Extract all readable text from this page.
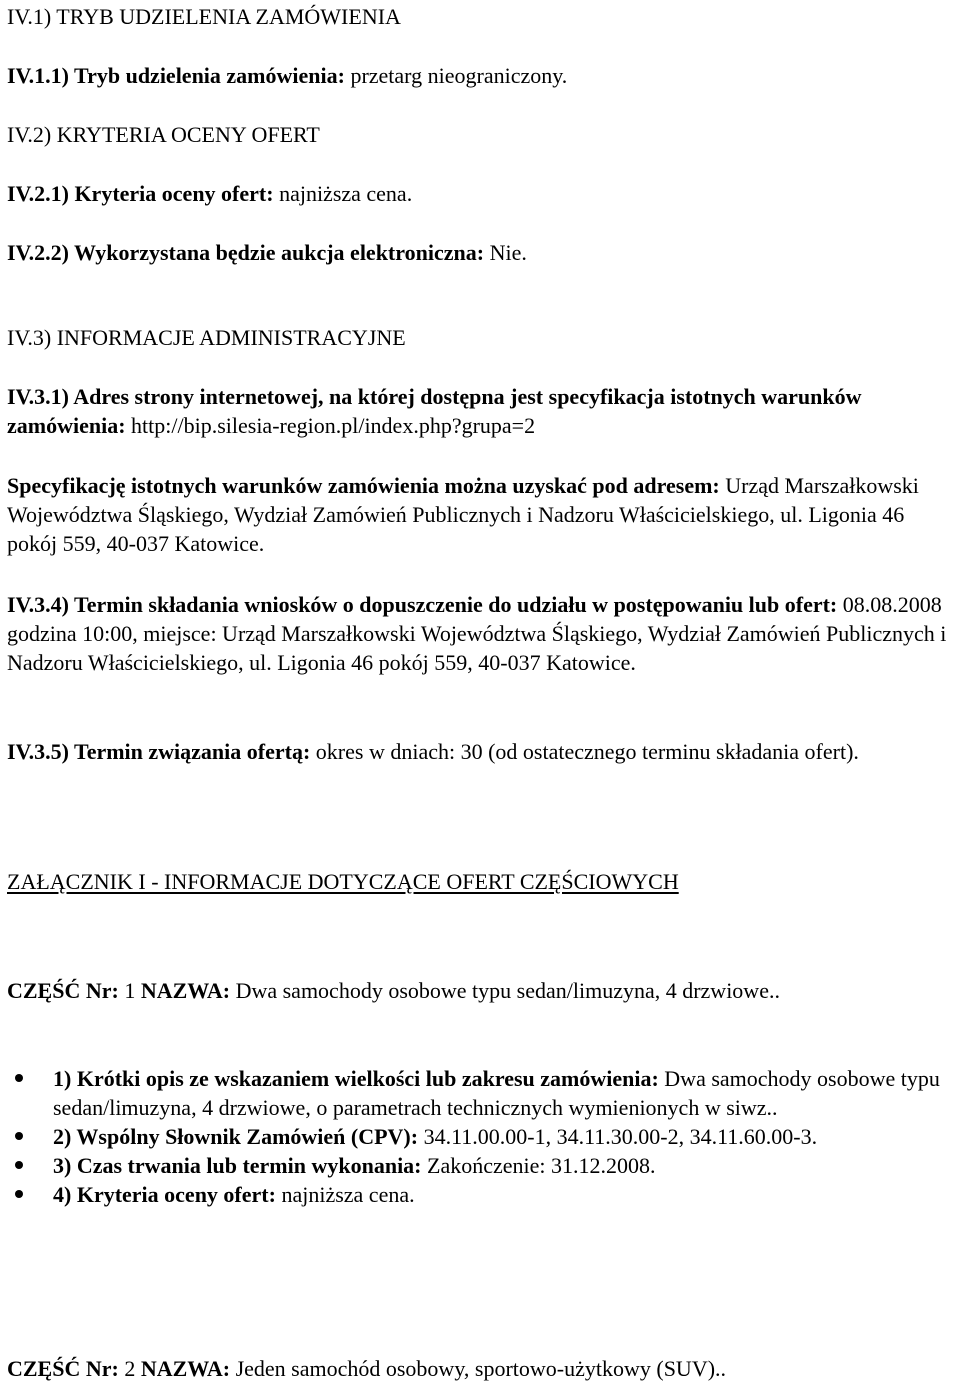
IV.1) TRYB UDZIELENIA ZAMÓWIENIA

IV.1.1) Tryb udzielenia zamówienia: przetarg nieograniczony.

IV.2) KRYTERIA OCENY OFERT

IV.2.1) Kryteria oceny ofert: najniższa cena.

IV.2.2) Wykorzystana będzie aukcja elektroniczna: Nie.

IV.3) INFORMACJE ADMINISTRACYJNE

IV.3.1) Adres strony internetowej, na której dostępna jest specyfikacja istotnych warunków zamówienia: http://bip.silesia-region.pl/index.php?grupa=2

Specyfikację istotnych warunków zamówienia można uzyskać pod adresem: Urząd Marszałkowski Województwa Śląskiego, Wydział Zamówień Publicznych i Nadzoru Właścicielskiego, ul. Ligonia 46 pokój 559, 40-037 Katowice.

IV.3.4) Termin składania wniosków o dopuszczenie do udziału w postępowaniu lub ofert: 08.08.2008 godzina 10:00, miejsce: Urząd Marszałkowski Województwa Śląskiego, Wydział Zamówień Publicznych i Nadzoru Właścicielskiego, ul. Ligonia 46 pokój 559, 40-037 Katowice.

IV.3.5) Termin związania ofertą: okres w dniach: 30 (od ostatecznego terminu składania ofert).

ZAŁĄCZNIK I - INFORMACJE DOTYCZĄCE OFERT CZĘŚCIOWYCH

CZĘŚĆ Nr: 1 NAZWA: Dwa samochody osobowe typu sedan/limuzyna, 4 drzwiowe..

1) Krótki opis ze wskazaniem wielkości lub zakresu zamówienia: Dwa samochody osobowe typu sedan/limuzyna, 4 drzwiowe, o parametrach technicznych wymienionych w siwz..
2) Wspólny Słownik Zamówień (CPV): 34.11.00.00-1, 34.11.30.00-2, 34.11.60.00-3.
3) Czas trwania lub termin wykonania: Zakończenie: 31.12.2008.
4) Kryteria oceny ofert: najniższa cena.

CZĘŚĆ Nr: 2 NAZWA: Jeden samochód osobowy, sportowo-użytkowy (SUV)..
